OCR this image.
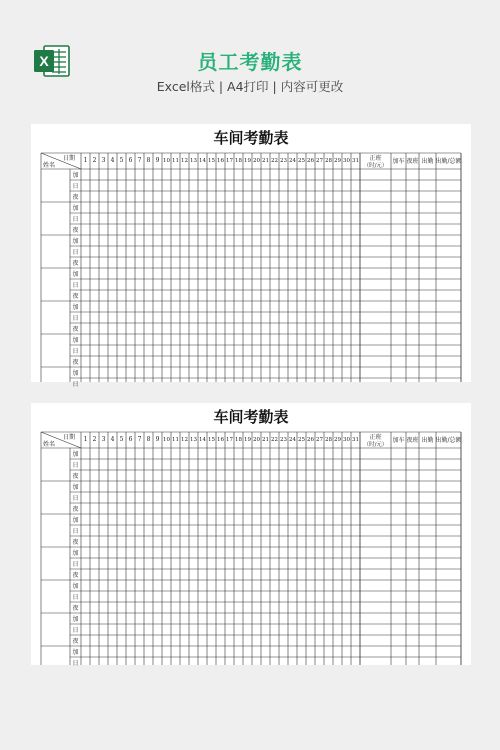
X	员工考勤表
Excel格式 | A4打印 | 内容可更改
车间考勤表
日期
姓名
1 2 3 4 5 6 7 8 9 10 11 12 13 14 15 16 17 18 19 20 21 22 23 24 25 26 27 28 29 30 31 正班
（时/元）
加车 夜班 出勤 出勤/总额
加
日
夜
加
日
夜
加
日
夜
加
日
夜
加
日
夜
加
日
夜
加
日
车间考勤表
日期
姓名
1 2 3 4 5 6 7 8 9 10 11 12 13 14 15 16 17 18 19 20 21 22 23 24 25 26 27 28 29 30 31 正班
（时/元）
加车 夜班 出勤 出勤/总额
加
日
夜
加
日
夜
加
日
夜
加
日
夜
加
日
夜
加
日
夜
加
日
